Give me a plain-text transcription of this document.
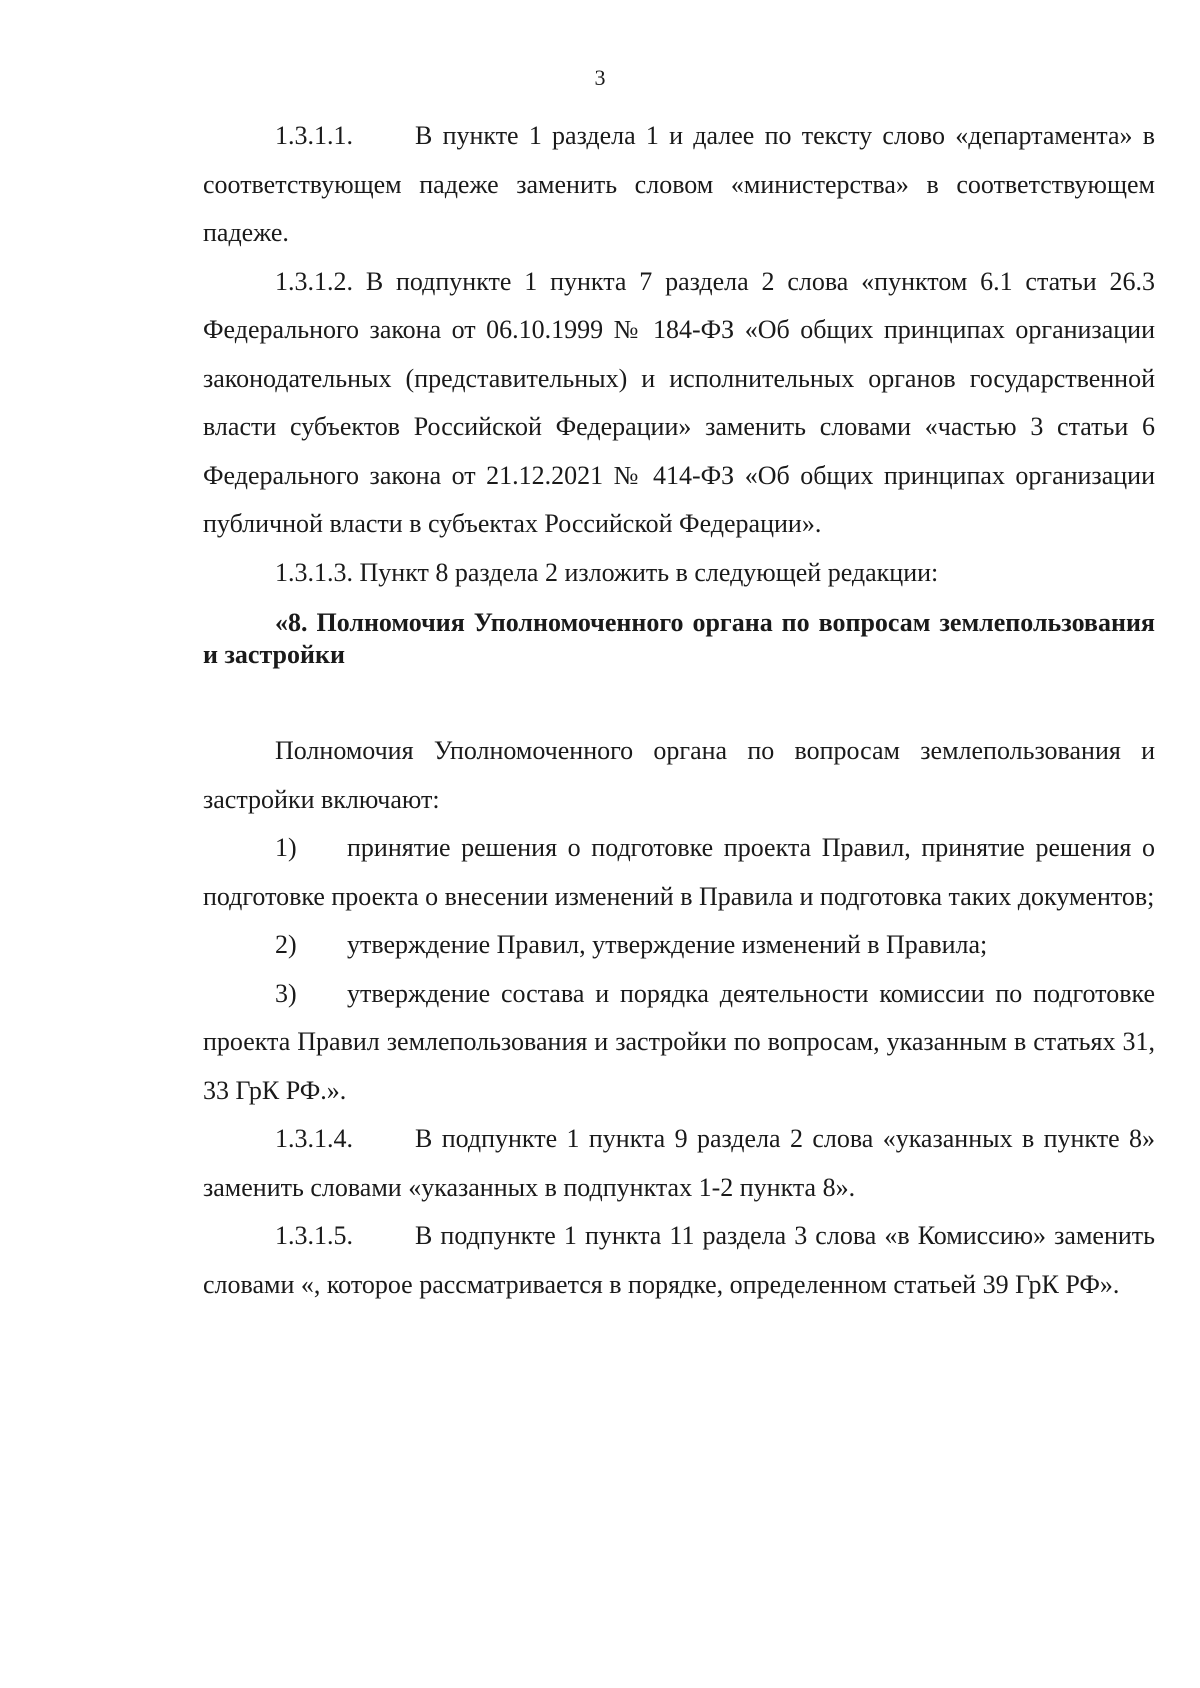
3

1.3.1.1. В пункте 1 раздела 1 и далее по тексту слово «департамента» в соответствующем падеже заменить словом «министерства» в соответствующем падеже.

1.3.1.2. В подпункте 1 пункта 7 раздела 2 слова «пунктом 6.1 статьи 26.3 Федерального закона от 06.10.1999 № 184-ФЗ «Об общих принципах организации законодательных (представительных) и исполнительных органов государственной власти субъектов Российской Федерации» заменить словами «частью 3 статьи 6 Федерального закона от 21.12.2021 № 414-ФЗ «Об общих принципах организации публичной власти в субъектах Российской Федерации».

1.3.1.3. Пункт 8 раздела 2 изложить в следующей редакции:

«8. Полномочия Уполномоченного органа по вопросам землепользования и застройки

Полномочия Уполномоченного органа по вопросам землепользования и застройки включают:

1) принятие решения о подготовке проекта Правил, принятие решения о подготовке проекта о внесении изменений в Правила и подготовка таких документов;

2) утверждение Правил, утверждение изменений в Правила;

3) утверждение состава и порядка деятельности комиссии по подготовке проекта Правил землепользования и застройки по вопросам, указанным в статьях 31, 33 ГрК РФ.».

1.3.1.4. В подпункте 1 пункта 9 раздела 2 слова «указанных в пункте 8» заменить словами «указанных в подпунктах 1-2 пункта 8».

1.3.1.5. В подпункте 1 пункта 11 раздела 3 слова «в Комиссию» заменить словами «, которое рассматривается в порядке, определенном статьей 39 ГрК РФ».
